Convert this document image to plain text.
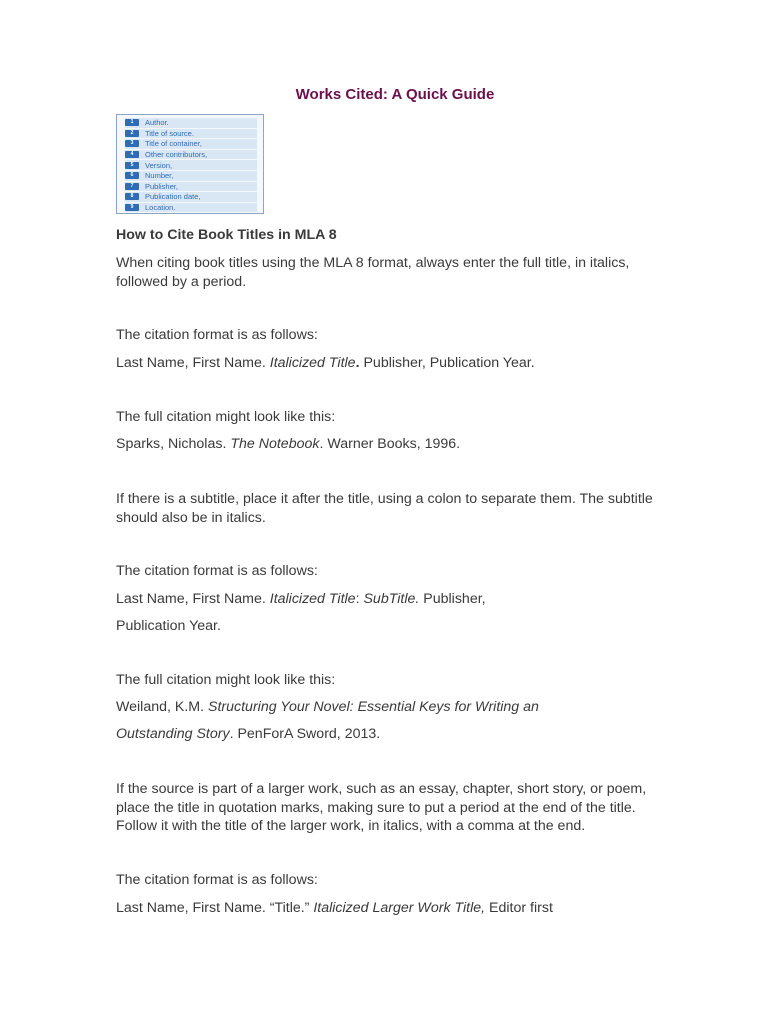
Works Cited: A Quick Guide
1	Author.
2	Title of source.
3	Title of container,
4	Other contributors,
5	Version,
6	Number,
7	Publisher,
8	Publication date,
9	Location.
How to Cite Book Titles in MLA 8
When citing book titles using the MLA 8 format, always enter the full title, in italics, followed by a period.
The citation format is as follows:
Last Name, First Name. Italicized Title. Publisher, Publication Year.
The full citation might look like this:
Sparks, Nicholas. The Notebook. Warner Books, 1996.
If there is a subtitle, place it after the title, using a colon to separate them. The subtitle should also be in italics.
The citation format is as follows:
Last Name, First Name. Italicized Title: SubTitle. Publisher,
Publication Year.
The full citation might look like this:
Weiland, K.M. Structuring Your Novel: Essential Keys for Writing an
Outstanding Story. PenForA Sword, 2013.
If the source is part of a larger work, such as an essay, chapter, short story, or poem, place the title in quotation marks, making sure to put a period at the end of the title. Follow it with the title of the larger work, in italics, with a comma at the end.
The citation format is as follows:
Last Name, First Name. “Title.” Italicized Larger Work Title, Editor first
